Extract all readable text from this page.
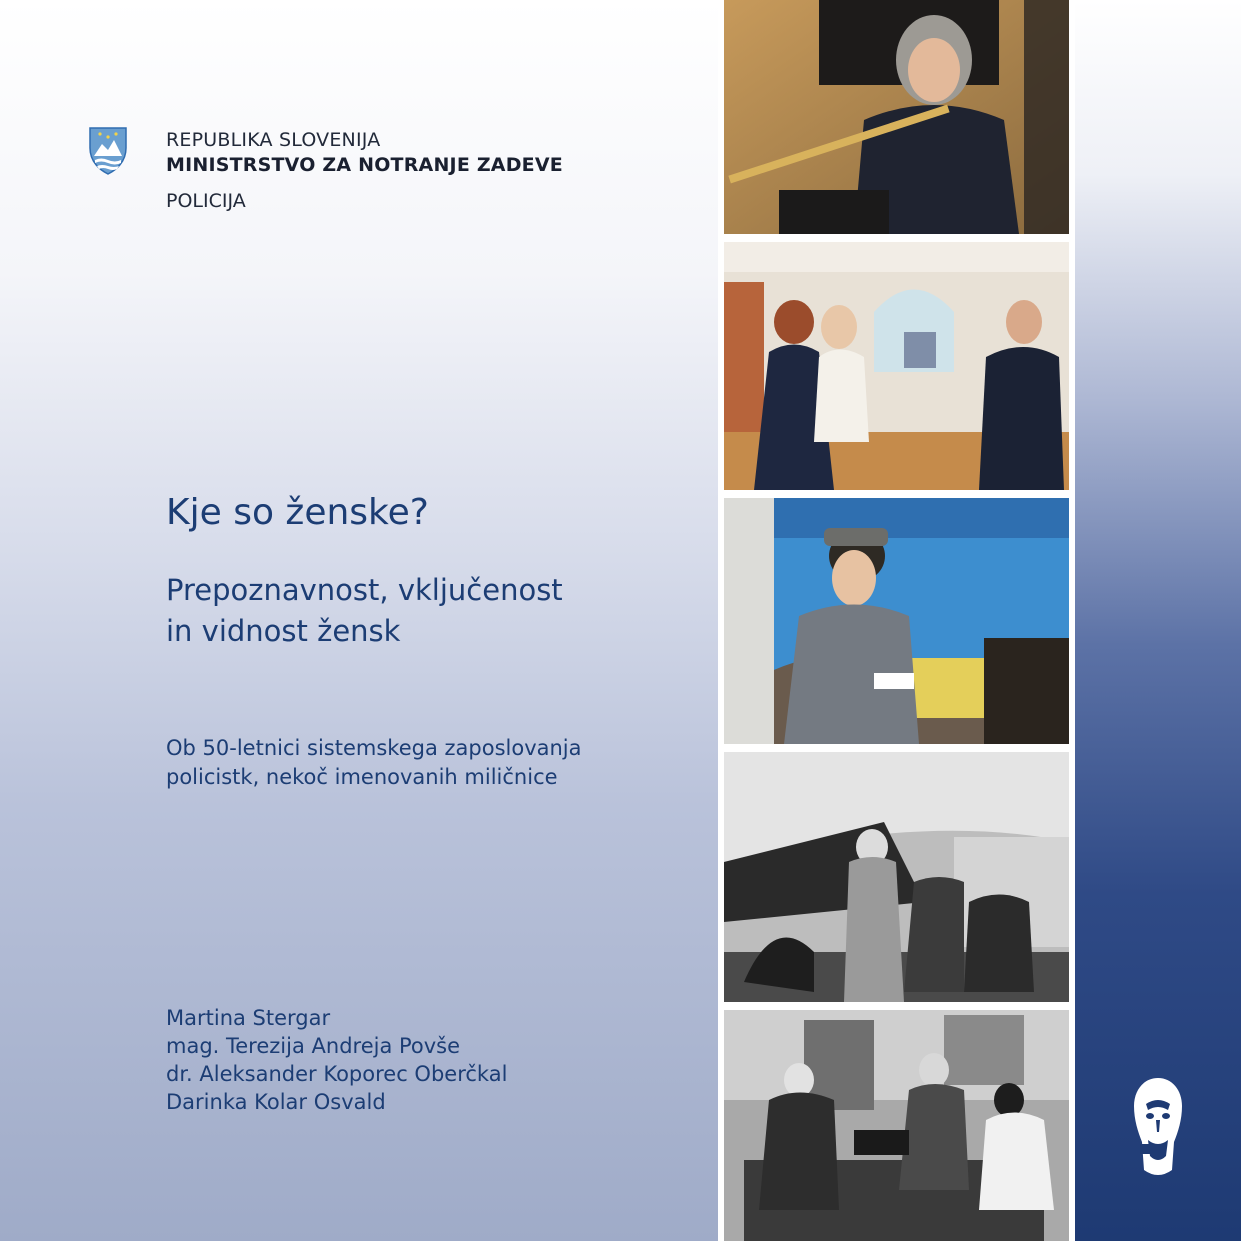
REPUBLIKA SLOVENIJA
MINISTRSTVO ZA NOTRANJE ZADEVE
POLICIJA
Kje so ženske?
Prepoznavnost, vključenost
in vidnost žensk
Ob 50-letnici sistemskega zaposlovanja
policistk, nekoč imenovanih miličnice
Martina Stergar
mag. Terezija Andreja Povše
dr. Aleksander Koporec Oberčkal
Darinka Kolar Osvald
